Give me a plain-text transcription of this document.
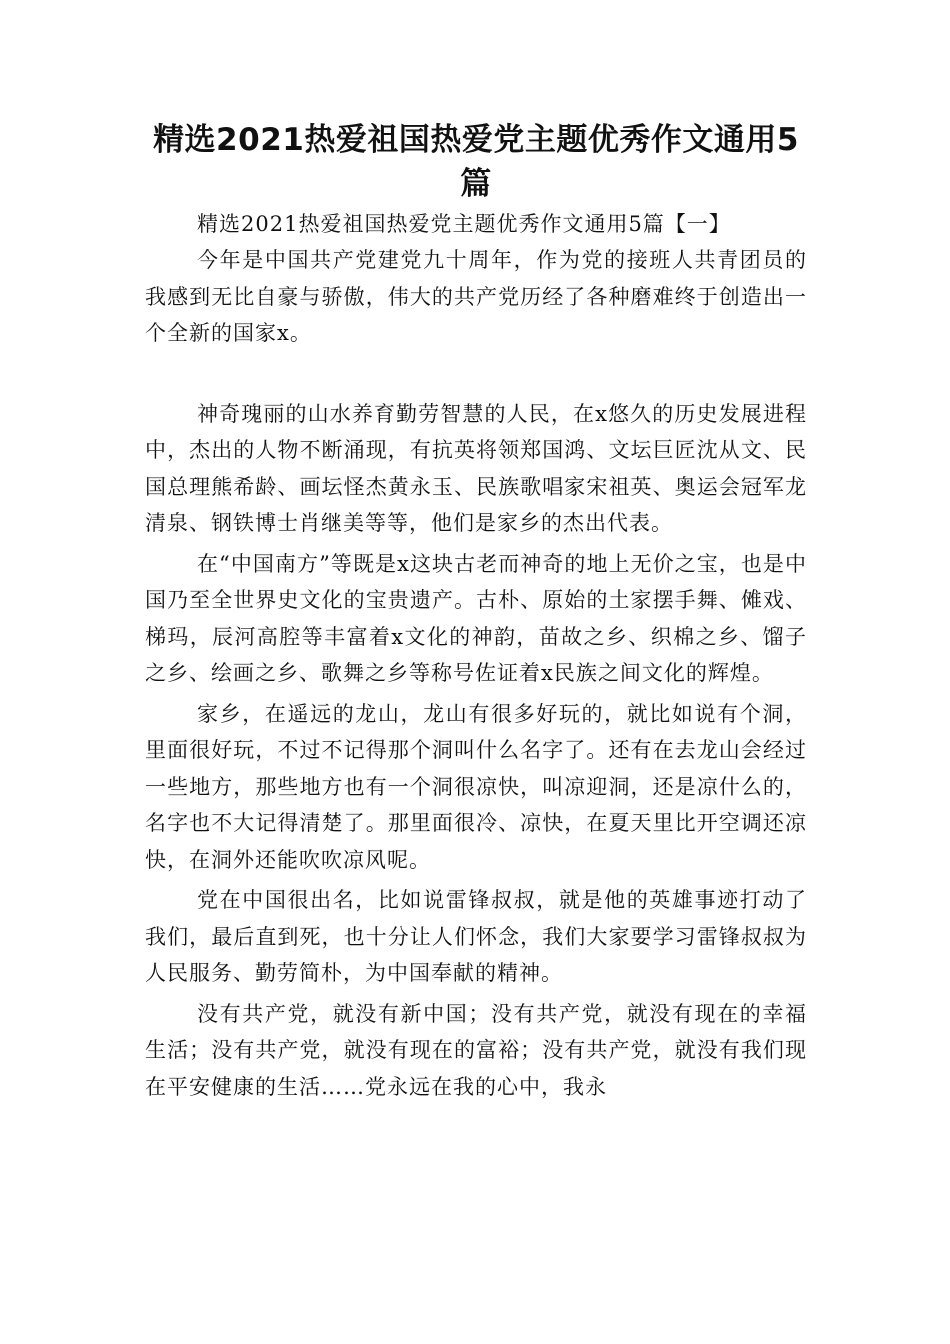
精选2021热爱祖国热爱党主题优秀作文通用5篇

精选2021热爱祖国热爱党主题优秀作文通用5篇【一】

今年是中国共产党建党九十周年，作为党的接班人共青团员的我感到无比自豪与骄傲，伟大的共产党历经了各种磨难终于创造出一个全新的国家x。

神奇瑰丽的山水养育勤劳智慧的人民，在x悠久的历史发展进程中，杰出的人物不断涌现，有抗英将领郑国鸿、文坛巨匠沈从文、民国总理熊希龄、画坛怪杰黄永玉、民族歌唱家宋祖英、奥运会冠军龙清泉、钢铁博士肖继美等等，他们是家乡的杰出代表。

在“中国南方”等既是x这块古老而神奇的地上无价之宝，也是中国乃至全世界史文化的宝贵遗产。古朴、原始的土家摆手舞、傩戏、梯玛，辰河高腔等丰富着x文化的神韵，苗故之乡、织棉之乡、馏子之乡、绘画之乡、歌舞之乡等称号佐证着x民族之间文化的辉煌。

家乡，在遥远的龙山，龙山有很多好玩的，就比如说有个洞，里面很好玩，不过不记得那个洞叫什么名字了。还有在去龙山会经过一些地方，那些地方也有一个洞很凉快，叫凉迎洞，还是凉什么的，名字也不大记得清楚了。那里面很冷、凉快，在夏天里比开空调还凉快，在洞外还能吹吹凉风呢。

党在中国很出名，比如说雷锋叔叔，就是他的英雄事迹打动了我们，最后直到死，也十分让人们怀念，我们大家要学习雷锋叔叔为人民服务、勤劳简朴，为中国奉献的精神。

没有共产党，就没有新中国；没有共产党，就没有现在的幸福生活；没有共产党，就没有现在的富裕；没有共产党，就没有我们现在平安健康的生活……党永远在我的心中，我永
